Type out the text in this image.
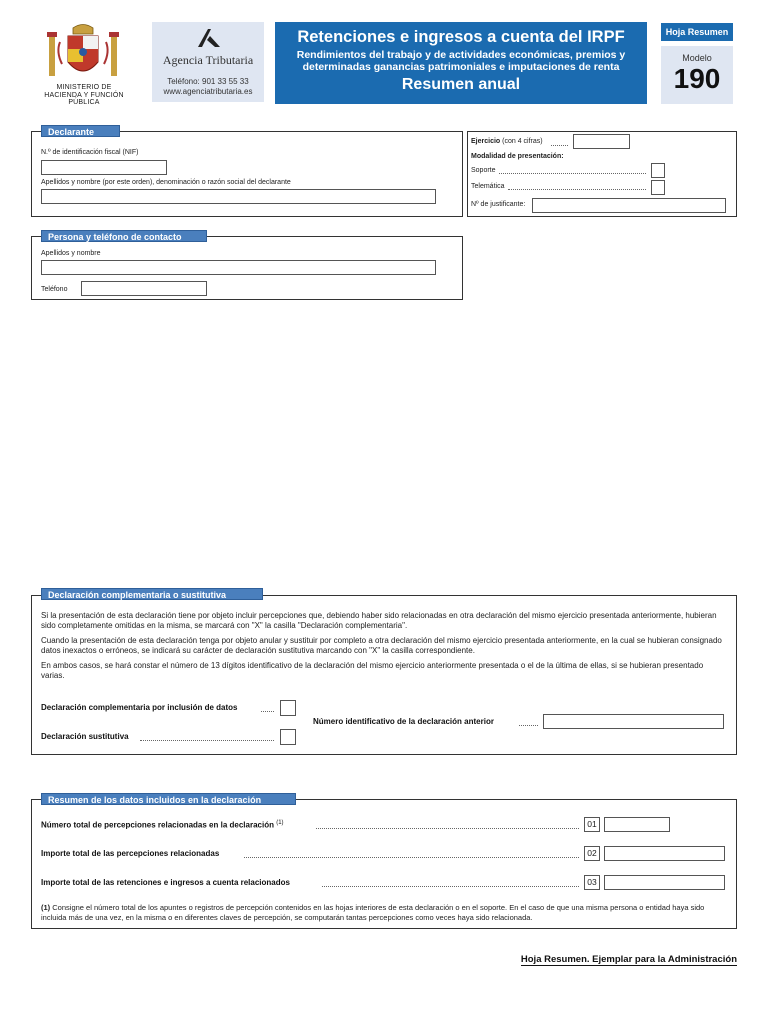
MINISTERIO DE
HACIENDA Y FUNCIÓN
PÚBLICA
Agencia Tributaria
Teléfono: 901 33 55 33
www.agenciatributaria.es
Retenciones e ingresos a cuenta del IRPF
Rendimientos del trabajo y de actividades económicas, premios y
determinadas ganancias patrimoniales e imputaciones de renta
Resumen anual
Hoja Resumen
Modelo
190
Declarante
N.º de identificación fiscal (NIF)
Apellidos y nombre (por este orden), denominación o razón social del declarante
Ejercicio (con 4 cifras)
Modalidad de presentación:
Soporte
Telemática
Nº de justificante:
Persona y teléfono de contacto
Apellidos y nombre
Teléfono
Declaración complementaria o sustitutiva
Si la presentación de esta declaración tiene por objeto incluir percepciones que, debiendo haber sido relacionadas en otra declaración del mismo ejercicio presentada anteriormente, hubieran sido completamente omitidas en la misma, se marcará con "X" la casilla "Declaración complementaria".
Cuando la presentación de esta declaración tenga por objeto anular y sustituir por completo a otra declaración del mismo ejercicio presentada anteriormente, en la cual se hubieran consignado datos inexactos o erróneos, se indicará su carácter de declaración sustitutiva marcando con "X" la casilla correspondiente.
En ambos casos, se hará constar el número de 13 dígitos identificativo de la declaración del mismo ejercicio anteriormente presentada o el de la última de ellas, si se hubieran presentado varias.
Declaración complementaria por inclusión de datos
Declaración sustitutiva
Número identificativo de la declaración anterior
Resumen de los datos incluidos en la declaración
Número total de percepciones relacionadas en la declaración $^{(1)}$	01
Importe total de las percepciones relacionadas	02
Importe total de las retenciones e ingresos a cuenta relacionados	03
(1) Consigne el número total de los apuntes o registros de percepción contenidos en las hojas interiores de esta declaración o en el soporte. En el caso de que una misma persona o entidad haya sido incluida más de una vez, en la misma o en diferentes claves de percepción, se computarán tantas percepciones como veces haya sido relacionada.
Hoja Resumen. Ejemplar para la Administración
